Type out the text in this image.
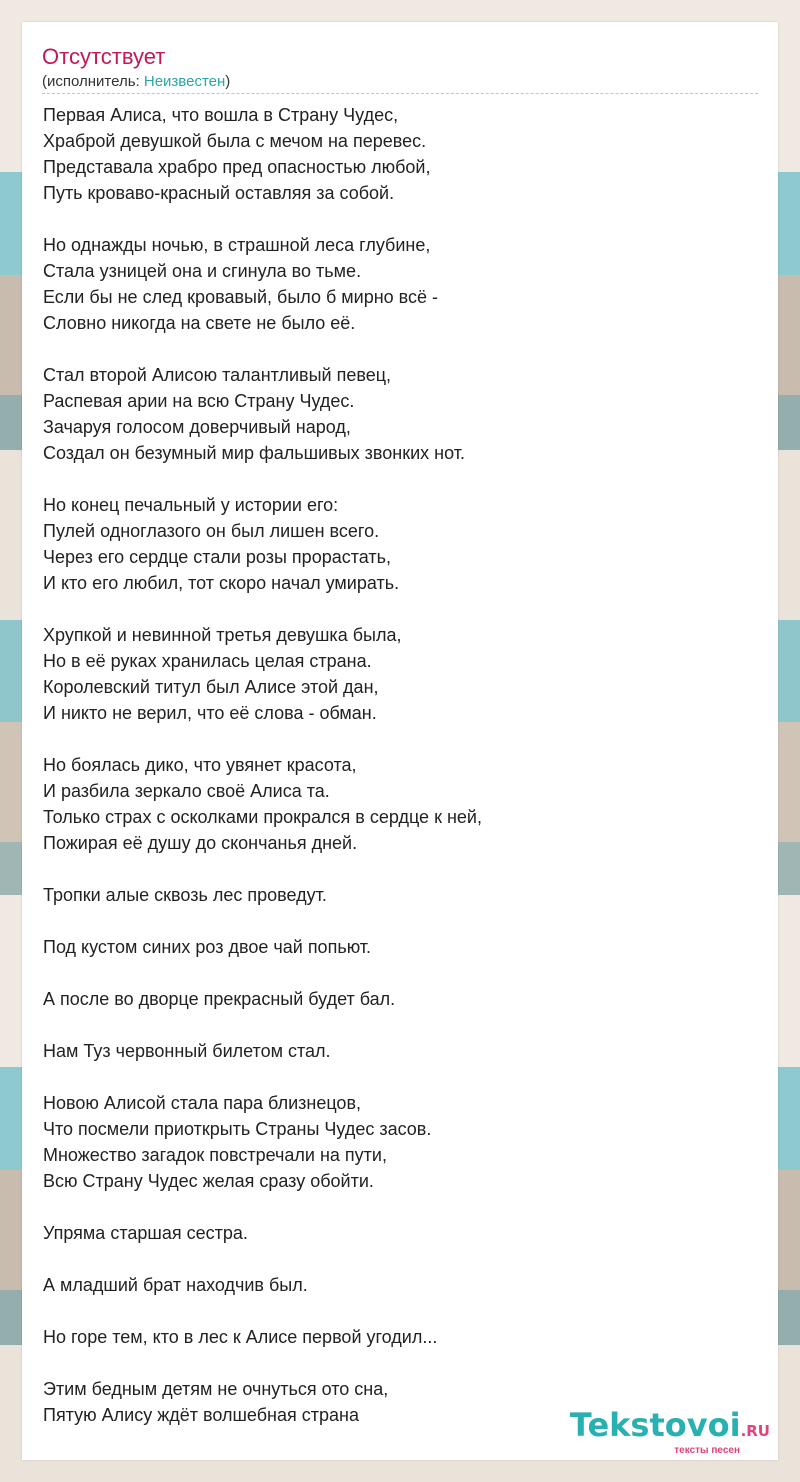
Отсутствует
(исполнитель: Неизвестен)
Первая Алиса, что вошла в Страну Чудес,
Храброй девушкой была с мечом на перевес.
Представала храбро пред опасностью любой,
Путь кроваво-красный оставляя за собой.
Но однажды ночью, в страшной леса глубине,
Стала узницей она и сгинула во тьме.
Если бы не след кровавый, было б мирно всё -
Словно никогда на свете не было её.
Стал второй Алисою талантливый певец,
Распевая арии на всю Страну Чудес.
Зачаруя голосом доверчивый народ,
Создал он безумный мир фальшивых звонких нот.
Но конец печальный у истории его:
Пулей одноглазого он был лишен всего.
Через его сердце стали розы прорастать,
И кто его любил, тот скоро начал умирать.
Хрупкой и невинной третья девушка была,
Но в её руках хранилась целая страна.
Королевский титул был Алисе этой дан,
И никто не верил, что её слова - обман.
Но боялась дико, что увянет красота,
И разбила зеркало своё Алиса та.
Только страх с осколками прокрался в сердце к ней,
Пожирая её душу до скончанья дней.
Тропки алые сквозь лес проведут.
Под кустом синих роз двое чай попьют.
А после во дворце прекрасный будет бал.
Нам Туз червонный билетом стал.
Новою Алисой стала пара близнецов,
Что посмели приоткрыть Страны Чудес засов.
Множество загадок повстречали на пути,
Всю Страну Чудес желая сразу обойти.
Упряма старшая сестра.
А младший брат находчив был.
Но горе тем, кто в лес к Алисе первой угодил...
Этим бедным детям не очнуться ото сна,
Пятую Алису ждёт волшебная страна	Tekstovoi.RU
тексты песен
